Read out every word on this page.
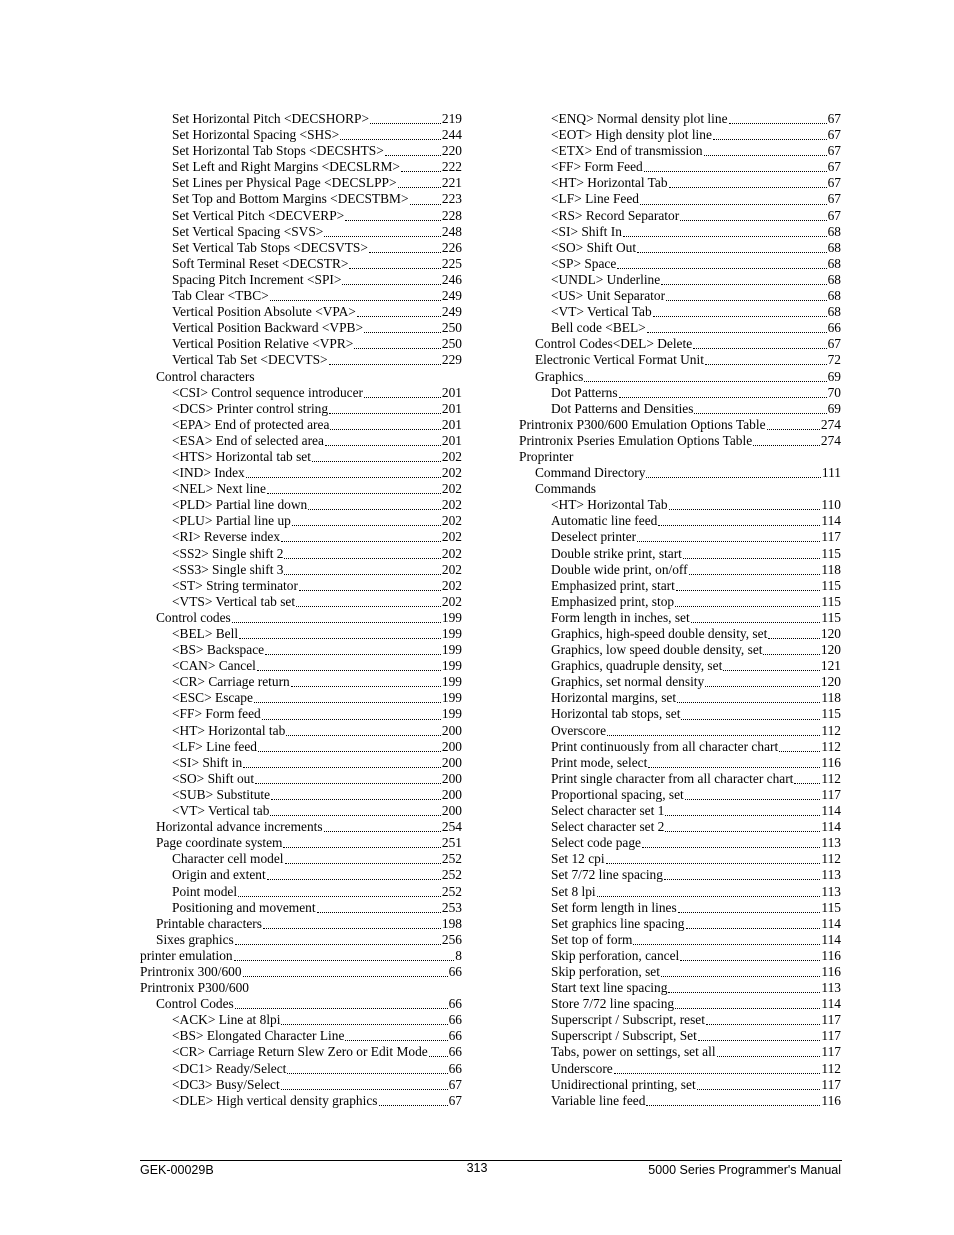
Set Horizontal Pitch <DECSHORP>	219
Set Horizontal Spacing <SHS>	244
Set Horizontal Tab Stops <DECSHTS>	220
Set Left and Right Margins <DECSLRM>	222
Set Lines per Physical Page <DECSLPP>	221
Set Top and Bottom Margins <DECSTBM> 223
Set Vertical Pitch <DECVERP>	228
Set Vertical Spacing <SVS>	248
Set Vertical Tab Stops <DECSVTS>	226
Soft Terminal Reset <DECSTR>	225
Spacing Pitch Increment <SPI>	246
Tab Clear <TBC>	249
Vertical Position Absolute <VPA>	249
Vertical Position Backward <VPB>	250
Vertical Position Relative <VPR>	250
Vertical Tab Set <DECVTS>	229
Control characters
<CSI> Control sequence introducer	201
<DCS> Printer control string	201
<EPA> End of protected area	201
<ESA> End of selected area	201
<HTS> Horizontal tab set	202
<IND> Index	202
<NEL> Next line	202
<PLD> Partial line down	202
<PLU> Partial line up	202
<RI> Reverse index	202
<SS2> Single shift 2	202
<SS3> Single shift 3	202
<ST> String terminator	202
<VTS> Vertical tab set	202
Control codes	199
<BEL> Bell	199
<BS> Backspace	199
<CAN> Cancel	199
<CR> Carriage return	199
<ESC> Escape	199
<FF> Form feed	199
<HT> Horizontal tab	200
<LF> Line feed	200
<SI> Shift in	200
<SO> Shift out	200
<SUB> Substitute	200
<VT> Vertical tab	200
Horizontal advance increments	254
Page coordinate system	251
Character cell model	252
Origin and extent	252
Point model	252
Positioning and movement	253
Printable characters	198
Sixes graphics	256
printer emulation	8
Printronix 300/600	66
Printronix P300/600
Control Codes	66
<ACK> Line at 8lpi	66
<BS> Elongated Character Line	66
<CR> Carriage Return Slew Zero or Edit Mode 66
<DC1> Ready/Select	66
<DC3> Busy/Select	67
<DLE> High vertical density graphics	67
<ENQ> Normal density plot line	67
<EOT> High density plot line	67
<ETX> End of transmission	67
<FF> Form Feed	67
<HT> Horizontal Tab	67
<LF> Line Feed	67
<RS> Record Separator	67
<SI> Shift In	68
<SO> Shift Out	68
<SP> Space	68
<UNDL> Underline	68
<US> Unit Separator	68
<VT> Vertical Tab	68
Bell code <BEL>	66
Control Codes<DEL> Delete	67
Electronic Vertical Format Unit	72
Graphics	69
Dot Patterns	70
Dot Patterns and Densities	69
Printronix P300/600 Emulation Options Table	274
Printronix Pseries Emulation Options Table	274
Proprinter
Command Directory	111
Commands
<HT> Horizontal Tab	110
Automatic line feed	114
Deselect printer	117
Double strike print, start	115
Double wide print, on/off	118
Emphasized print, start	115
Emphasized print, stop	115
Form length in inches, set	115
Graphics, high-speed double density, set	120
Graphics, low speed double density, set	120
Graphics, quadruple density, set	121
Graphics, set normal density	120
Horizontal margins, set	118
Horizontal tab stops, set	115
Overscore	112
Print continuously from all character chart	112
Print mode, select	116
Print single character from all character chart 112
Proportional spacing, set	117
Select character set 1	114
Select character set 2	114
Select code page	113
Set 12 cpi	112
Set 7/72 line spacing	113
Set 8 lpi	113
Set form length in lines	115
Set graphics line spacing	114
Set top of form	114
Skip perforation, cancel	116
Skip perforation, set	116
Start text line spacing	113
Store 7/72 line spacing	114
Superscript / Subscript, reset	117
Superscript / Subscript, Set	117
Tabs, power on settings, set all	117
Underscore	112
Unidirectional printing, set	117
Variable line feed	116
GEK-00029B	313	5000 Series Programmer's Manual
